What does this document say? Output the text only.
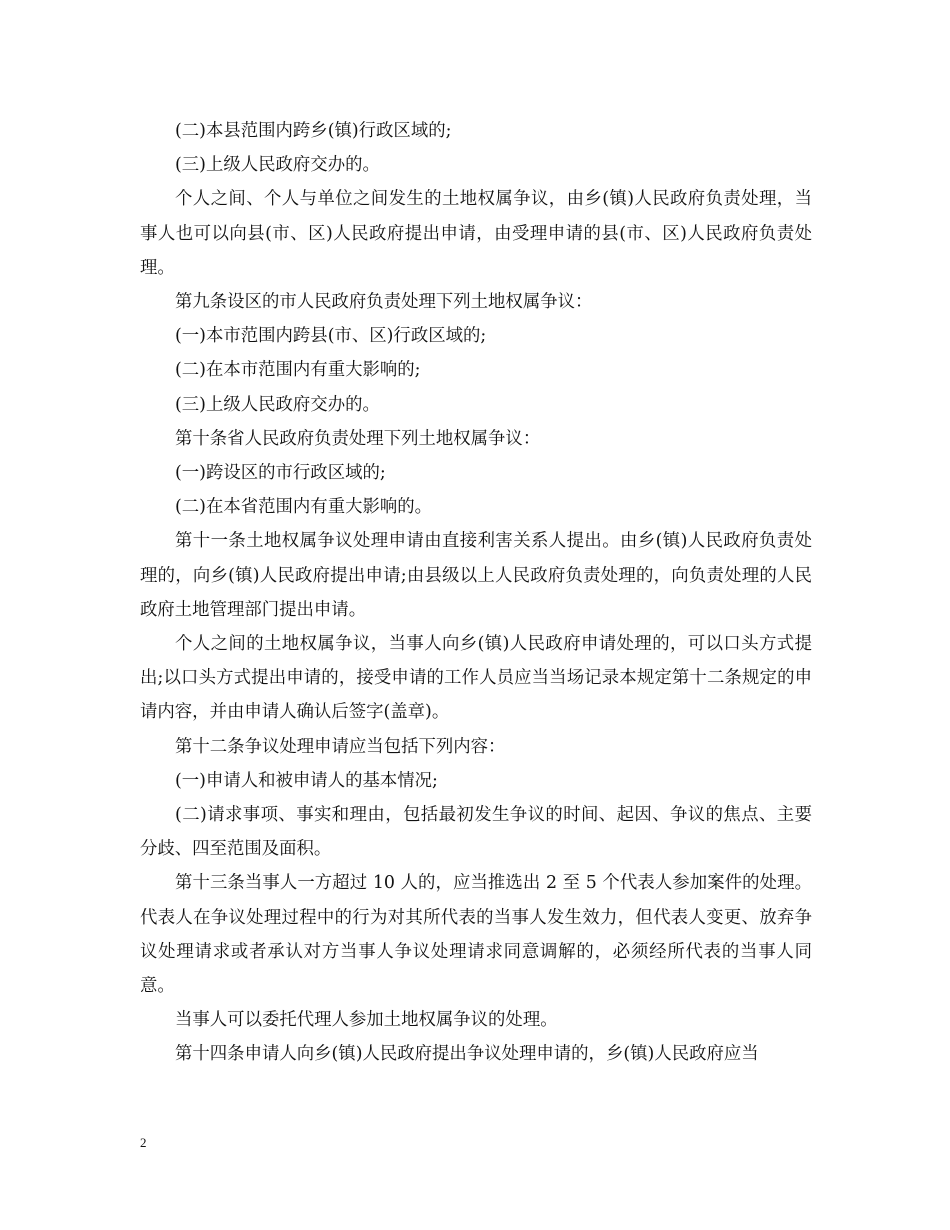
(二)本县范围内跨乡(镇)行政区域的;

(三)上级人民政府交办的。

个人之间、个人与单位之间发生的土地权属争议，由乡(镇)人民政府负责处理，当事人也可以向县(市、区)人民政府提出申请，由受理申请的县(市、区)人民政府负责处理。

第九条设区的市人民政府负责处理下列土地权属争议：

(一)本市范围内跨县(市、区)行政区域的;

(二)在本市范围内有重大影响的;

(三)上级人民政府交办的。

第十条省人民政府负责处理下列土地权属争议：

(一)跨设区的市行政区域的;

(二)在本省范围内有重大影响的。

第十一条土地权属争议处理申请由直接利害关系人提出。由乡(镇)人民政府负责处理的，向乡(镇)人民政府提出申请;由县级以上人民政府负责处理的，向负责处理的人民政府土地管理部门提出申请。

个人之间的土地权属争议，当事人向乡(镇)人民政府申请处理的，可以口头方式提出;以口头方式提出申请的，接受申请的工作人员应当当场记录本规定第十二条规定的申请内容，并由申请人确认后签字(盖章)。

第十二条争议处理申请应当包括下列内容：

(一)申请人和被申请人的基本情况;

(二)请求事项、事实和理由，包括最初发生争议的时间、起因、争议的焦点、主要分歧、四至范围及面积。

第十三条当事人一方超过 10 人的，应当推选出 2 至 5 个代表人参加案件的处理。代表人在争议处理过程中的行为对其所代表的当事人发生效力，但代表人变更、放弃争议处理请求或者承认对方当事人争议处理请求同意调解的，必须经所代表的当事人同意。

当事人可以委托代理人参加土地权属争议的处理。

第十四条申请人向乡(镇)人民政府提出争议处理申请的，乡(镇)人民政府应当

2
